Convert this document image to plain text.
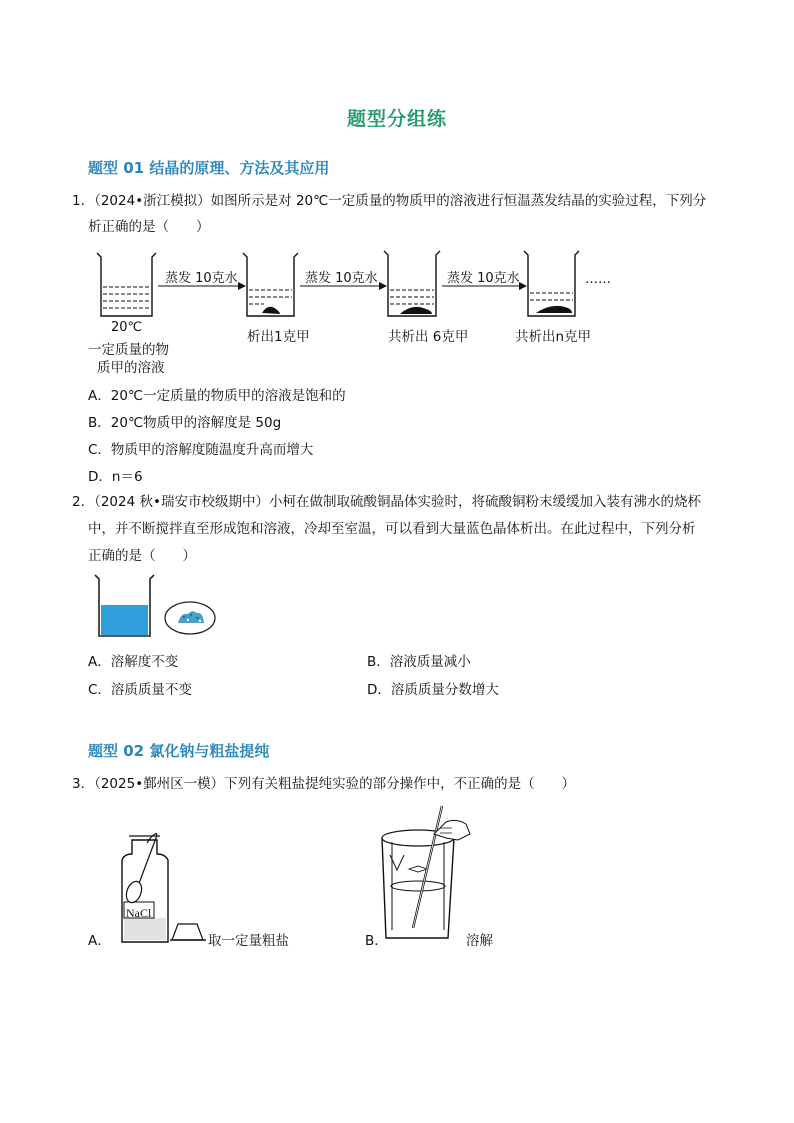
题型分组练
题型 01 结晶的原理、方法及其应用
1．（2024•浙江模拟）如图所示是对 20℃一定质量的物质甲的溶液进行恒温蒸发结晶的实验过程，下列分
析正确的是（　　）
蒸发 10克水	蒸发 10克水	蒸发 10克水	……
20℃
一定质量的物
质甲的溶液
析出1克甲	共析出 6克甲	共析出n克甲
A．20℃一定质量的物质甲的溶液是饱和的
B．20℃物质甲的溶解度是 50g
C．物质甲的溶解度随温度升高而增大
D．n＝6
2．（2024 秋•瑞安市校级期中）小柯在做制取硫酸铜晶体实验时，将硫酸铜粉末缓缓加入装有沸水的烧杯
中，并不断搅拌直至形成饱和溶液，冷却至室温，可以看到大量蓝色晶体析出。在此过程中，下列分析
正确的是（　　）
A．溶解度不变	B．溶液质量减小
C．溶质质量不变	D．溶质质量分数增大
题型 02 氯化钠与粗盐提纯
3．（2025•鄞州区一模）下列有关粗盐提纯实验的部分操作中，不正确的是（　　）
A．
NaCl
取一定量粗盐	B．	溶解
